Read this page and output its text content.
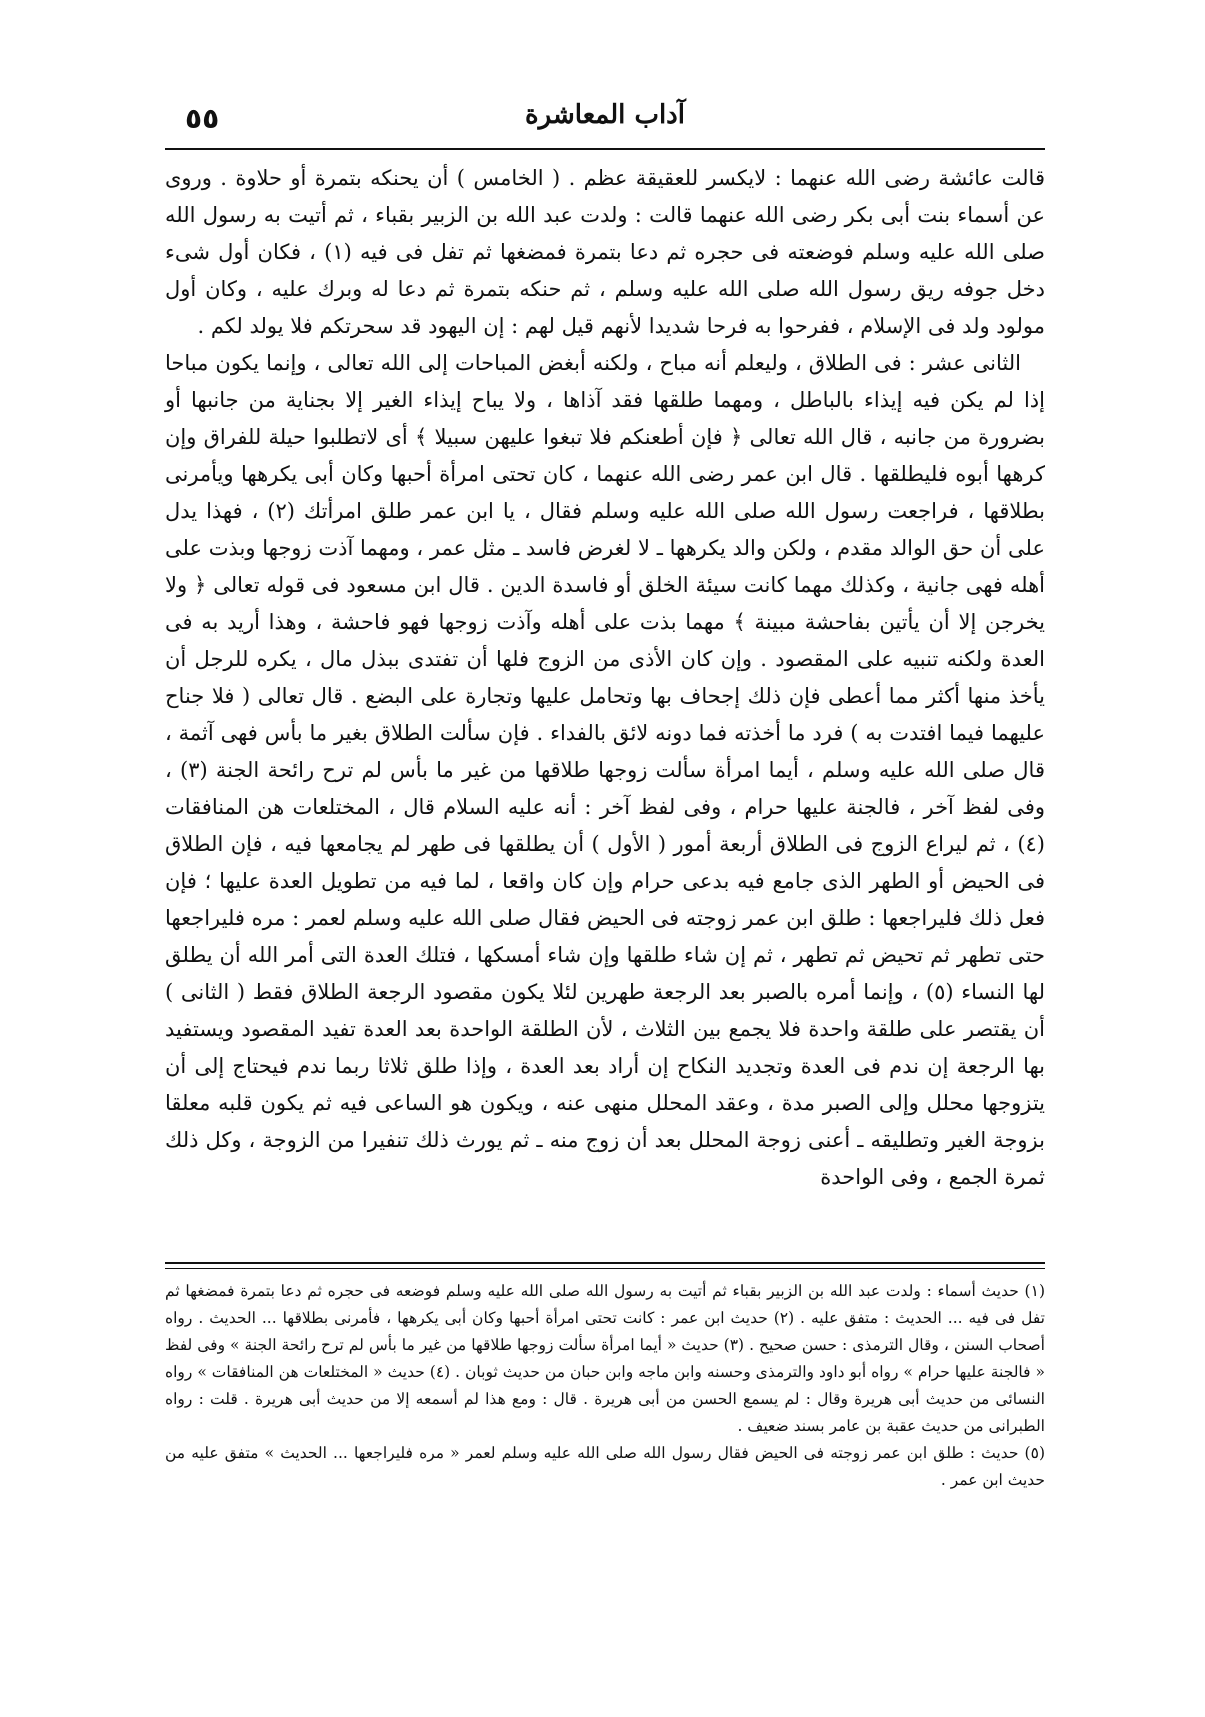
٥٥	آداب المعاشرة

قالت عائشة رضى الله عنهما : لايكسر للعقيقة عظم . ( الخامس ) أن يحنكه بتمرة أو حلاوة . وروى عن أسماء بنت أبى بكر رضى الله عنهما قالت : ولدت عبد الله بن الزبير بقباء ، ثم أتيت به رسول الله صلى الله عليه وسلم فوضعته فى حجره ثم دعا بتمرة فمضغها ثم تفل فى فيه (١) ، فكان أول شىء دخل جوفه ريق رسول الله صلى الله عليه وسلم ، ثم حنكه بتمرة ثم دعا له وبرك عليه ، وكان أول مولود ولد فى الإسلام ، ففرحوا به فرحا شديدا لأنهم قيل لهم : إن اليهود قد سحرتكم فلا يولد لكم .

الثانى عشر : فى الطلاق ، وليعلم أنه مباح ، ولكنه أبغض المباحات إلى الله تعالى ، وإنما يكون مباحا إذا لم يكن فيه إيذاء بالباطل ، ومهما طلقها فقد آذاها ، ولا يباح إيذاء الغير إلا بجناية من جانبها أو بضرورة من جانبه ، قال الله تعالى ﴿ فإن أطعنكم فلا تبغوا عليهن سبيلا ﴾ أى لاتطلبوا حيلة للفراق وإن كرهها أبوه فليطلقها . قال ابن عمر رضى الله عنهما ، كان تحتى امرأة أحبها وكان أبى يكرهها ويأمرنى بطلاقها ، فراجعت رسول الله صلى الله عليه وسلم فقال ، يا ابن عمر طلق امرأتك (٢) ، فهذا يدل على أن حق الوالد مقدم ، ولكن والد يكرهها ـ لا لغرض فاسد ـ مثل عمر ، ومهما آذت زوجها وبذت على أهله فهى جانية ، وكذلك مهما كانت سيئة الخلق أو فاسدة الدين . قال ابن مسعود فى قوله تعالى ﴿ ولا يخرجن إلا أن يأتين بفاحشة مبينة ﴾ مهما بذت على أهله وآذت زوجها فهو فاحشة ، وهذا أريد به فى العدة ولكنه تنبيه على المقصود . وإن كان الأذى من الزوج فلها أن تفتدى ببذل مال ، يكره للرجل أن يأخذ منها أكثر مما أعطى فإن ذلك إجحاف بها وتحامل عليها وتجارة على البضع . قال تعالى ( فلا جناح عليهما فيما افتدت به ) فرد ما أخذته فما دونه لائق بالفداء . فإن سألت الطلاق بغير ما بأس فهى آثمة ، قال صلى الله عليه وسلم ، أيما امرأة سألت زوجها طلاقها من غير ما بأس لم ترح رائحة الجنة (٣) ، وفى لفظ آخر ، فالجنة عليها حرام ، وفى لفظ آخر : أنه عليه السلام قال ، المختلعات هن المنافقات (٤) ، ثم ليراع الزوج فى الطلاق أربعة أمور ( الأول ) أن يطلقها فى طهر لم يجامعها فيه ، فإن الطلاق فى الحيض أو الطهر الذى جامع فيه بدعى حرام وإن كان واقعا ، لما فيه من تطويل العدة عليها ؛ فإن فعل ذلك فليراجعها : طلق ابن عمر زوجته فى الحيض فقال صلى الله عليه وسلم لعمر : مره فليراجعها حتى تطهر ثم تحيض ثم تطهر ، ثم إن شاء طلقها وإن شاء أمسكها ، فتلك العدة التى أمر الله أن يطلق لها النساء (٥) ، وإنما أمره بالصبر بعد الرجعة طهرين لئلا يكون مقصود الرجعة الطلاق فقط ( الثانى ) أن يقتصر على طلقة واحدة فلا يجمع بين الثلاث ، لأن الطلقة الواحدة بعد العدة تفيد المقصود ويستفيد بها الرجعة إن ندم فى العدة وتجديد النكاح إن أراد بعد العدة ، وإذا طلق ثلاثا ربما ندم فيحتاج إلى أن يتزوجها محلل وإلى الصبر مدة ، وعقد المحلل منهى عنه ، ويكون هو الساعى فيه ثم يكون قلبه معلقا بزوجة الغير وتطليقه ـ أعنى زوجة المحلل بعد أن زوج منه ـ ثم يورث ذلك تنفيرا من الزوجة ، وكل ذلك ثمرة الجمع ، وفى الواحدة

(١) حديث أسماء : ولدت عبد الله بن الزبير بقباء ثم أتيت به رسول الله صلى الله عليه وسلم فوضعه فى حجره ثم دعا بتمرة فمضغها ثم تفل فى فيه ... الحديث : متفق عليه . (٢) حديث ابن عمر : كانت تحتى امرأة أحبها وكان أبى يكرهها ، فأمرنى بطلاقها ... الحديث . رواه أصحاب السنن ، وقال الترمذى : حسن صحيح . (٣) حديث « أيما امرأة سألت زوجها طلاقها من غير ما بأس لم ترح رائحة الجنة » وفى لفظ « فالجنة عليها حرام » رواه أبو داود والترمذى وحسنه وابن ماجه وابن حبان من حديث ثوبان . (٤) حديث « المختلعات هن المنافقات » رواه النسائى من حديث أبى هريرة وقال : لم يسمع الحسن من أبى هريرة . قال : ومع هذا لم أسمعه إلا من حديث أبى هريرة . قلت : رواه الطبرانى من حديث عقبة بن عامر بسند ضعيف .

(٥) حديث : طلق ابن عمر زوجته فى الحيض فقال رسول الله صلى الله عليه وسلم لعمر « مره فليراجعها ... الحديث » متفق عليه من حديث ابن عمر .
